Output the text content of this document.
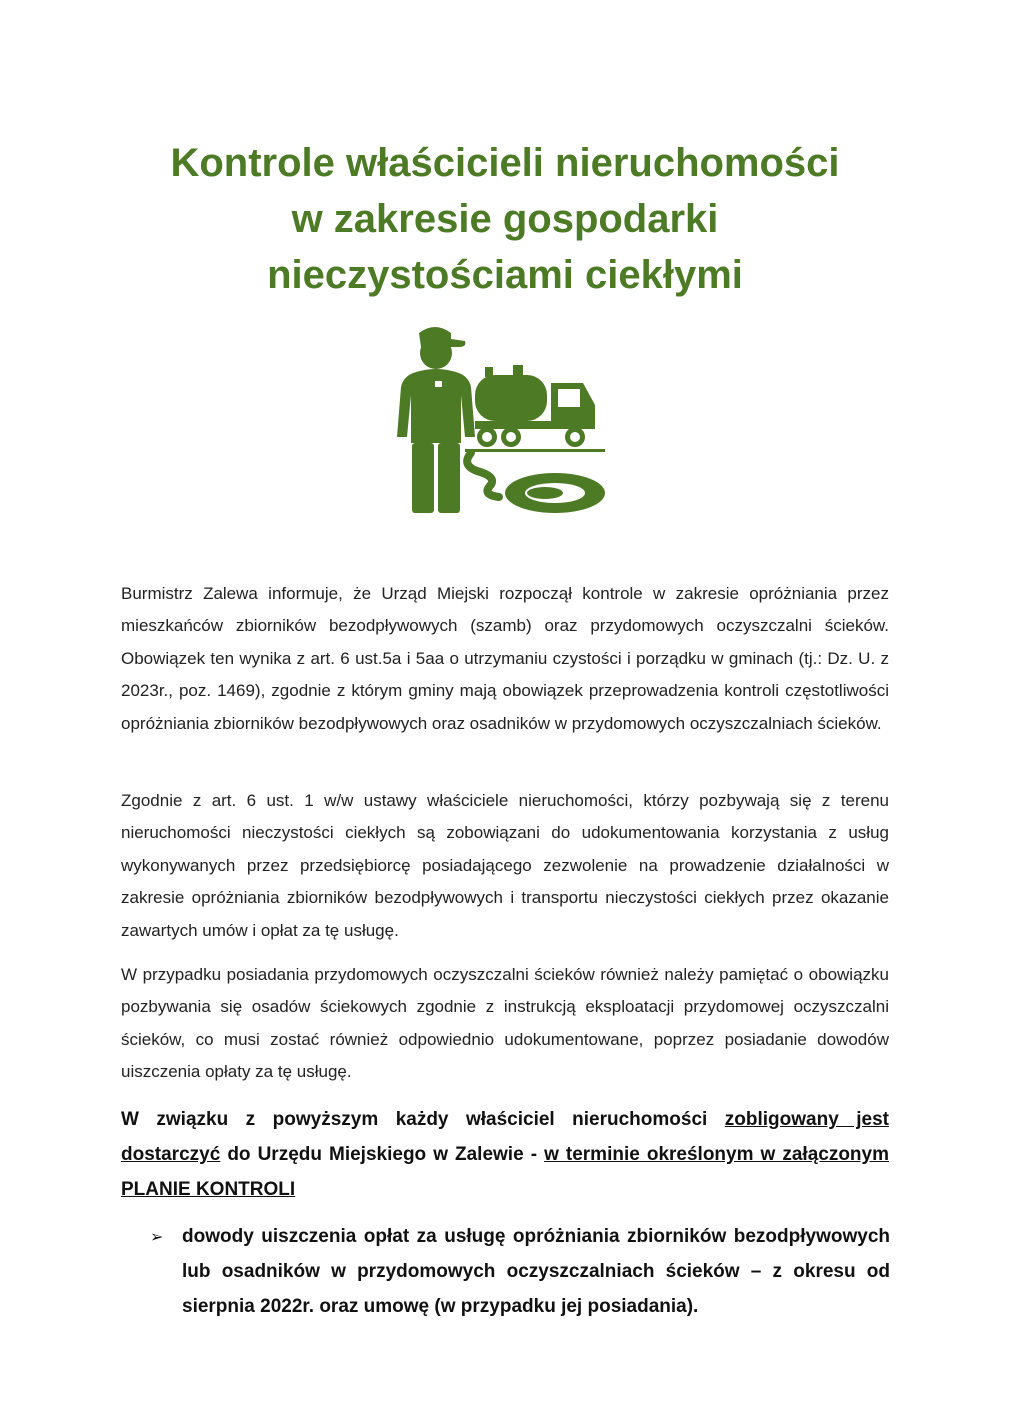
Kontrole właścicieli nieruchomości
w zakresie gospodarki
nieczystościami ciekłymi

Burmistrz Zalewa informuje, że Urząd Miejski rozpoczął kontrole w zakresie opróżniania przez mieszkańców zbiorników bezodpływowych (szamb) oraz przydomowych oczyszczalni ścieków. Obowiązek ten wynika z art. 6 ust.5a i 5aa o utrzymaniu czystości i porządku w gminach (tj.: Dz. U. z 2023r., poz. 1469), zgodnie z którym gminy mają obowiązek przeprowadzenia kontroli częstotliwości opróżniania zbiorników bezodpływowych oraz osadników w przydomowych oczyszczalniach ścieków.

Zgodnie z art. 6 ust. 1 w/w ustawy właściciele nieruchomości, którzy pozbywają się z terenu nieruchomości nieczystości ciekłych są zobowiązani do udokumentowania korzystania z usług wykonywanych przez przedsiębiorcę posiadającego zezwolenie na prowadzenie działalności w zakresie opróżniania zbiorników bezodpływowych i transportu nieczystości ciekłych przez okazanie zawartych umów i opłat za tę usługę.

W przypadku posiadania przydomowych oczyszczalni ścieków również należy pamiętać o obowiązku pozbywania się osadów ściekowych zgodnie z instrukcją eksploatacji przydomowej oczyszczalni ścieków, co musi zostać również odpowiednio udokumentowane, poprzez posiadanie dowodów uiszczenia opłaty za tę usługę.

W związku z powyższym każdy właściciel nieruchomości zobligowany jest dostarczyć do Urzędu Miejskiego w Zalewie - w terminie określonym w załączonym PLANIE KONTROLI

➢ dowody uiszczenia opłat za usługę opróżniania zbiorników bezodpływowych lub osadników w przydomowych oczyszczalniach ścieków – z okresu od sierpnia 2022r. oraz umowę (w przypadku jej posiadania).
